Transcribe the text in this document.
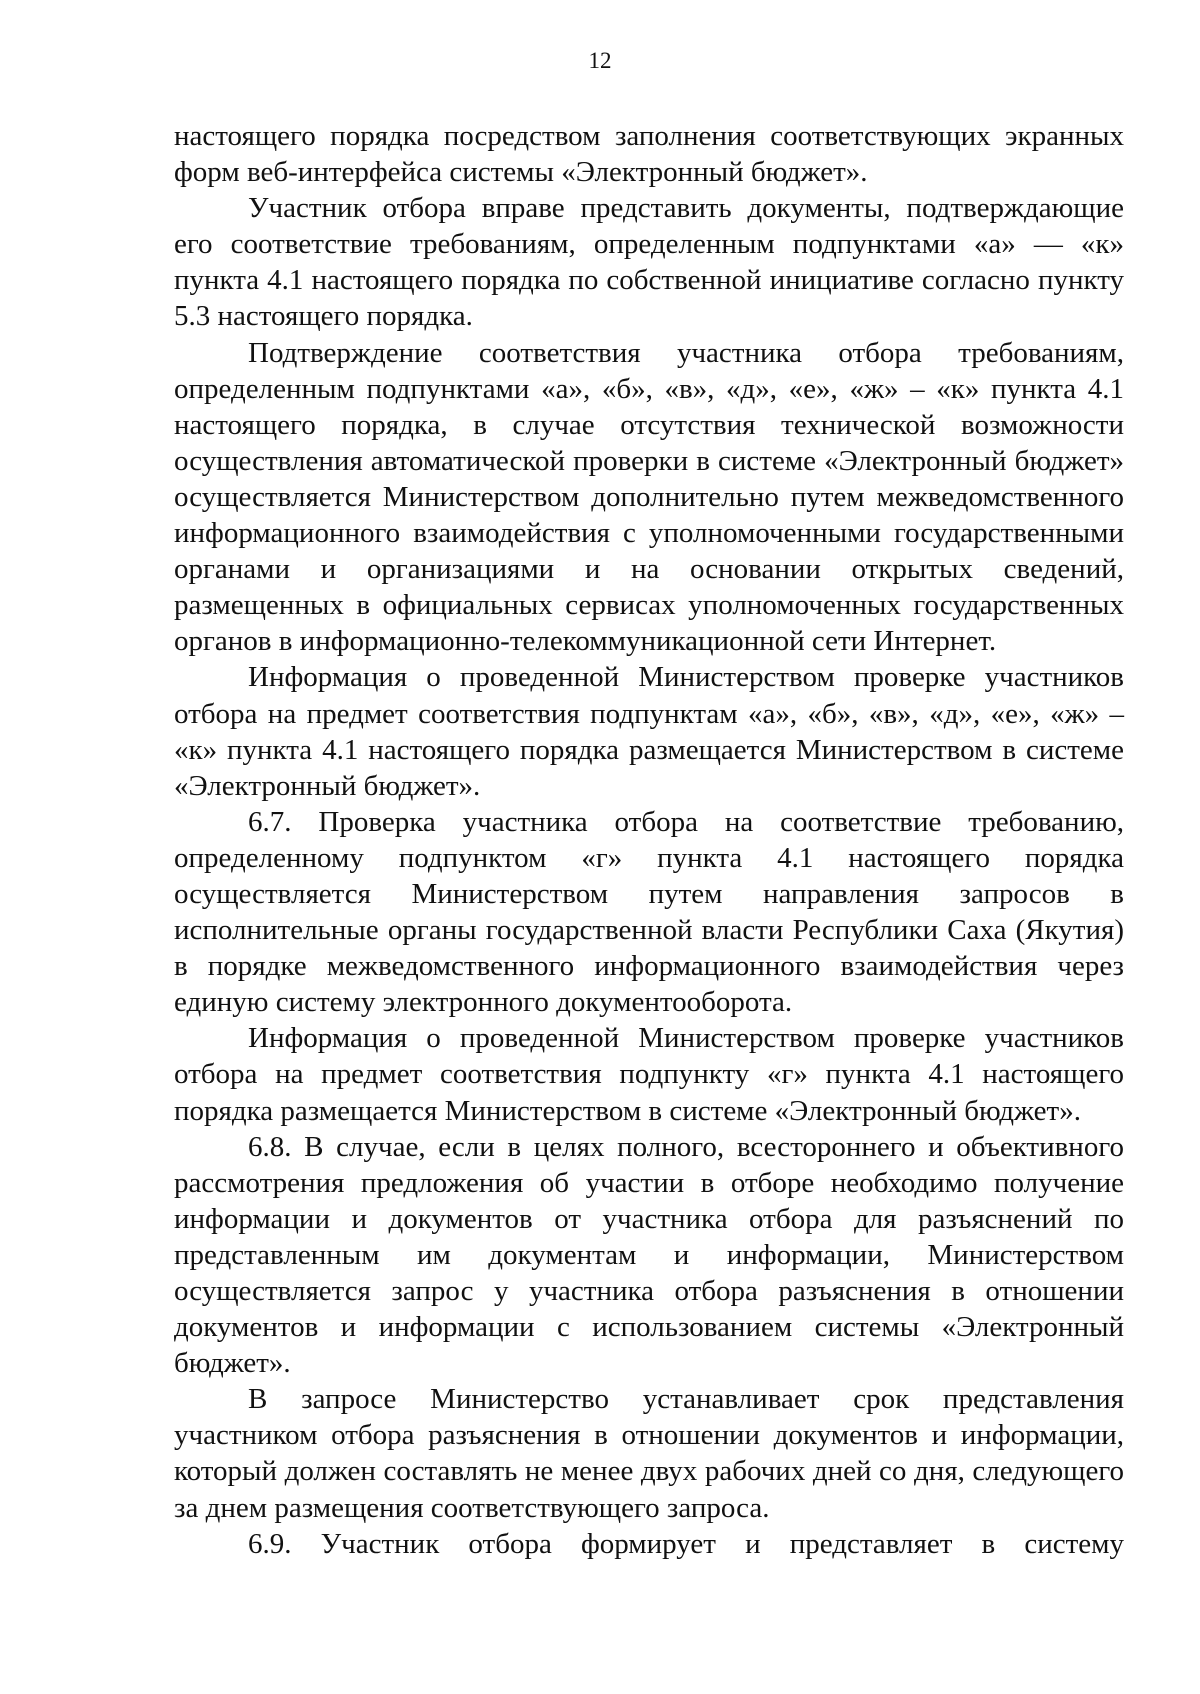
12

настоящего порядка посредством заполнения соответствующих экранных форм веб-интерфейса системы «Электронный бюджет».

Участник отбора вправе представить документы, подтверждающие его соответствие требованиям, определенным подпунктами «а» — «к» пункта 4.1 настоящего порядка по собственной инициативе согласно пункту 5.3 настоящего порядка.

Подтверждение соответствия участника отбора требованиям, определенным подпунктами «а», «б», «в», «д», «е», «ж» – «к» пункта 4.1 настоящего порядка, в случае отсутствия технической возможности осуществления автоматической проверки в системе «Электронный бюджет» осуществляется Министерством дополнительно путем межведомственного информационного взаимодействия с уполномоченными государственными органами и организациями и на основании открытых сведений, размещенных в официальных сервисах уполномоченных государственных органов в информационно-телекоммуникационной сети Интернет.

Информация о проведенной Министерством проверке участников отбора на предмет соответствия подпунктам «а», «б», «в», «д», «е», «ж» – «к» пункта 4.1 настоящего порядка размещается Министерством в системе «Электронный бюджет».

6.7. Проверка участника отбора на соответствие требованию, определенному подпунктом «г» пункта 4.1 настоящего порядка осуществляется Министерством путем направления запросов в исполнительные органы государственной власти Республики Саха (Якутия) в порядке межведомственного информационного взаимодействия через единую систему электронного документооборота.

Информация о проведенной Министерством проверке участников отбора на предмет соответствия подпункту «г» пункта 4.1 настоящего порядка размещается Министерством в системе «Электронный бюджет».

6.8. В случае, если в целях полного, всестороннего и объективного рассмотрения предложения об участии в отборе необходимо получение информации и документов от участника отбора для разъяснений по представленным им документам и информации, Министерством осуществляется запрос у участника отбора разъяснения в отношении документов и информации с использованием системы «Электронный бюджет».

В запросе Министерство устанавливает срок представления участником отбора разъяснения в отношении документов и информации, который должен составлять не менее двух рабочих дней со дня, следующего за днем размещения соответствующего запроса.

6.9. Участник отбора формирует и представляет в систему
